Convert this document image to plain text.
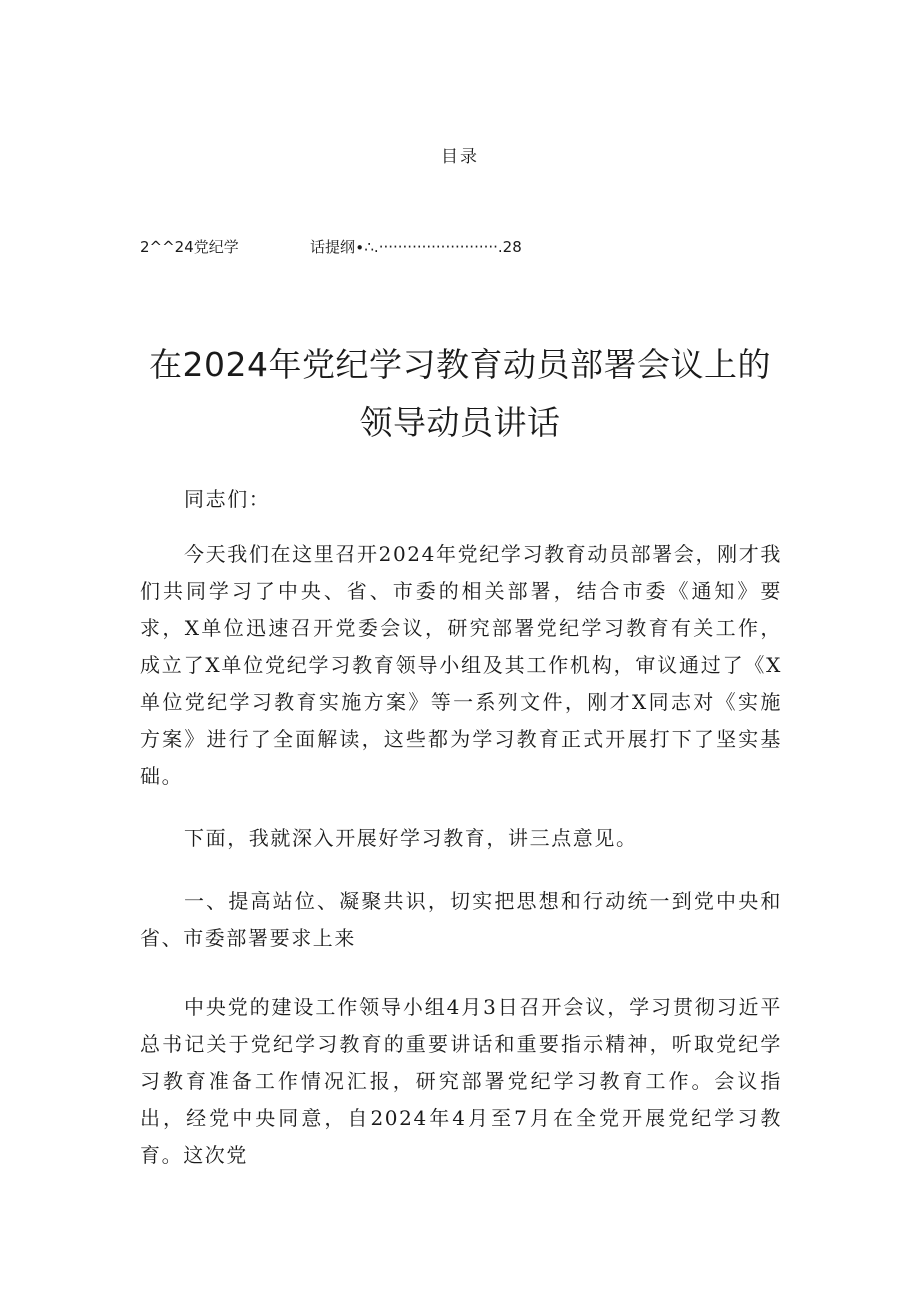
目录
2^^24党纪学	话提纲∙∴.·························.28
在2024年党纪学习教育动员部署会议上的
领导动员讲话

同志们：

今天我们在这里召开2024年党纪学习教育动员部署会，刚才我们共同学习了中央、省、市委的相关部署，结合市委《通知》要求，X单位迅速召开党委会议，研究部署党纪学习教育有关工作，成立了X单位党纪学习教育领导小组及其工作机构，审议通过了《X单位党纪学习教育实施方案》等一系列文件，刚才X同志对《实施方案》进行了全面解读，这些都为学习教育正式开展打下了坚实基础。

下面，我就深入开展好学习教育，讲三点意见。

一、提高站位、凝聚共识，切实把思想和行动统一到党中央和省、市委部署要求上来

中央党的建设工作领导小组4月3日召开会议，学习贯彻习近平总书记关于党纪学习教育的重要讲话和重要指示精神，听取党纪学习教育准备工作情况汇报，研究部署党纪学习教育工作。会议指出，经党中央同意，自2024年4月至7月在全党开展党纪学习教育。这次党
